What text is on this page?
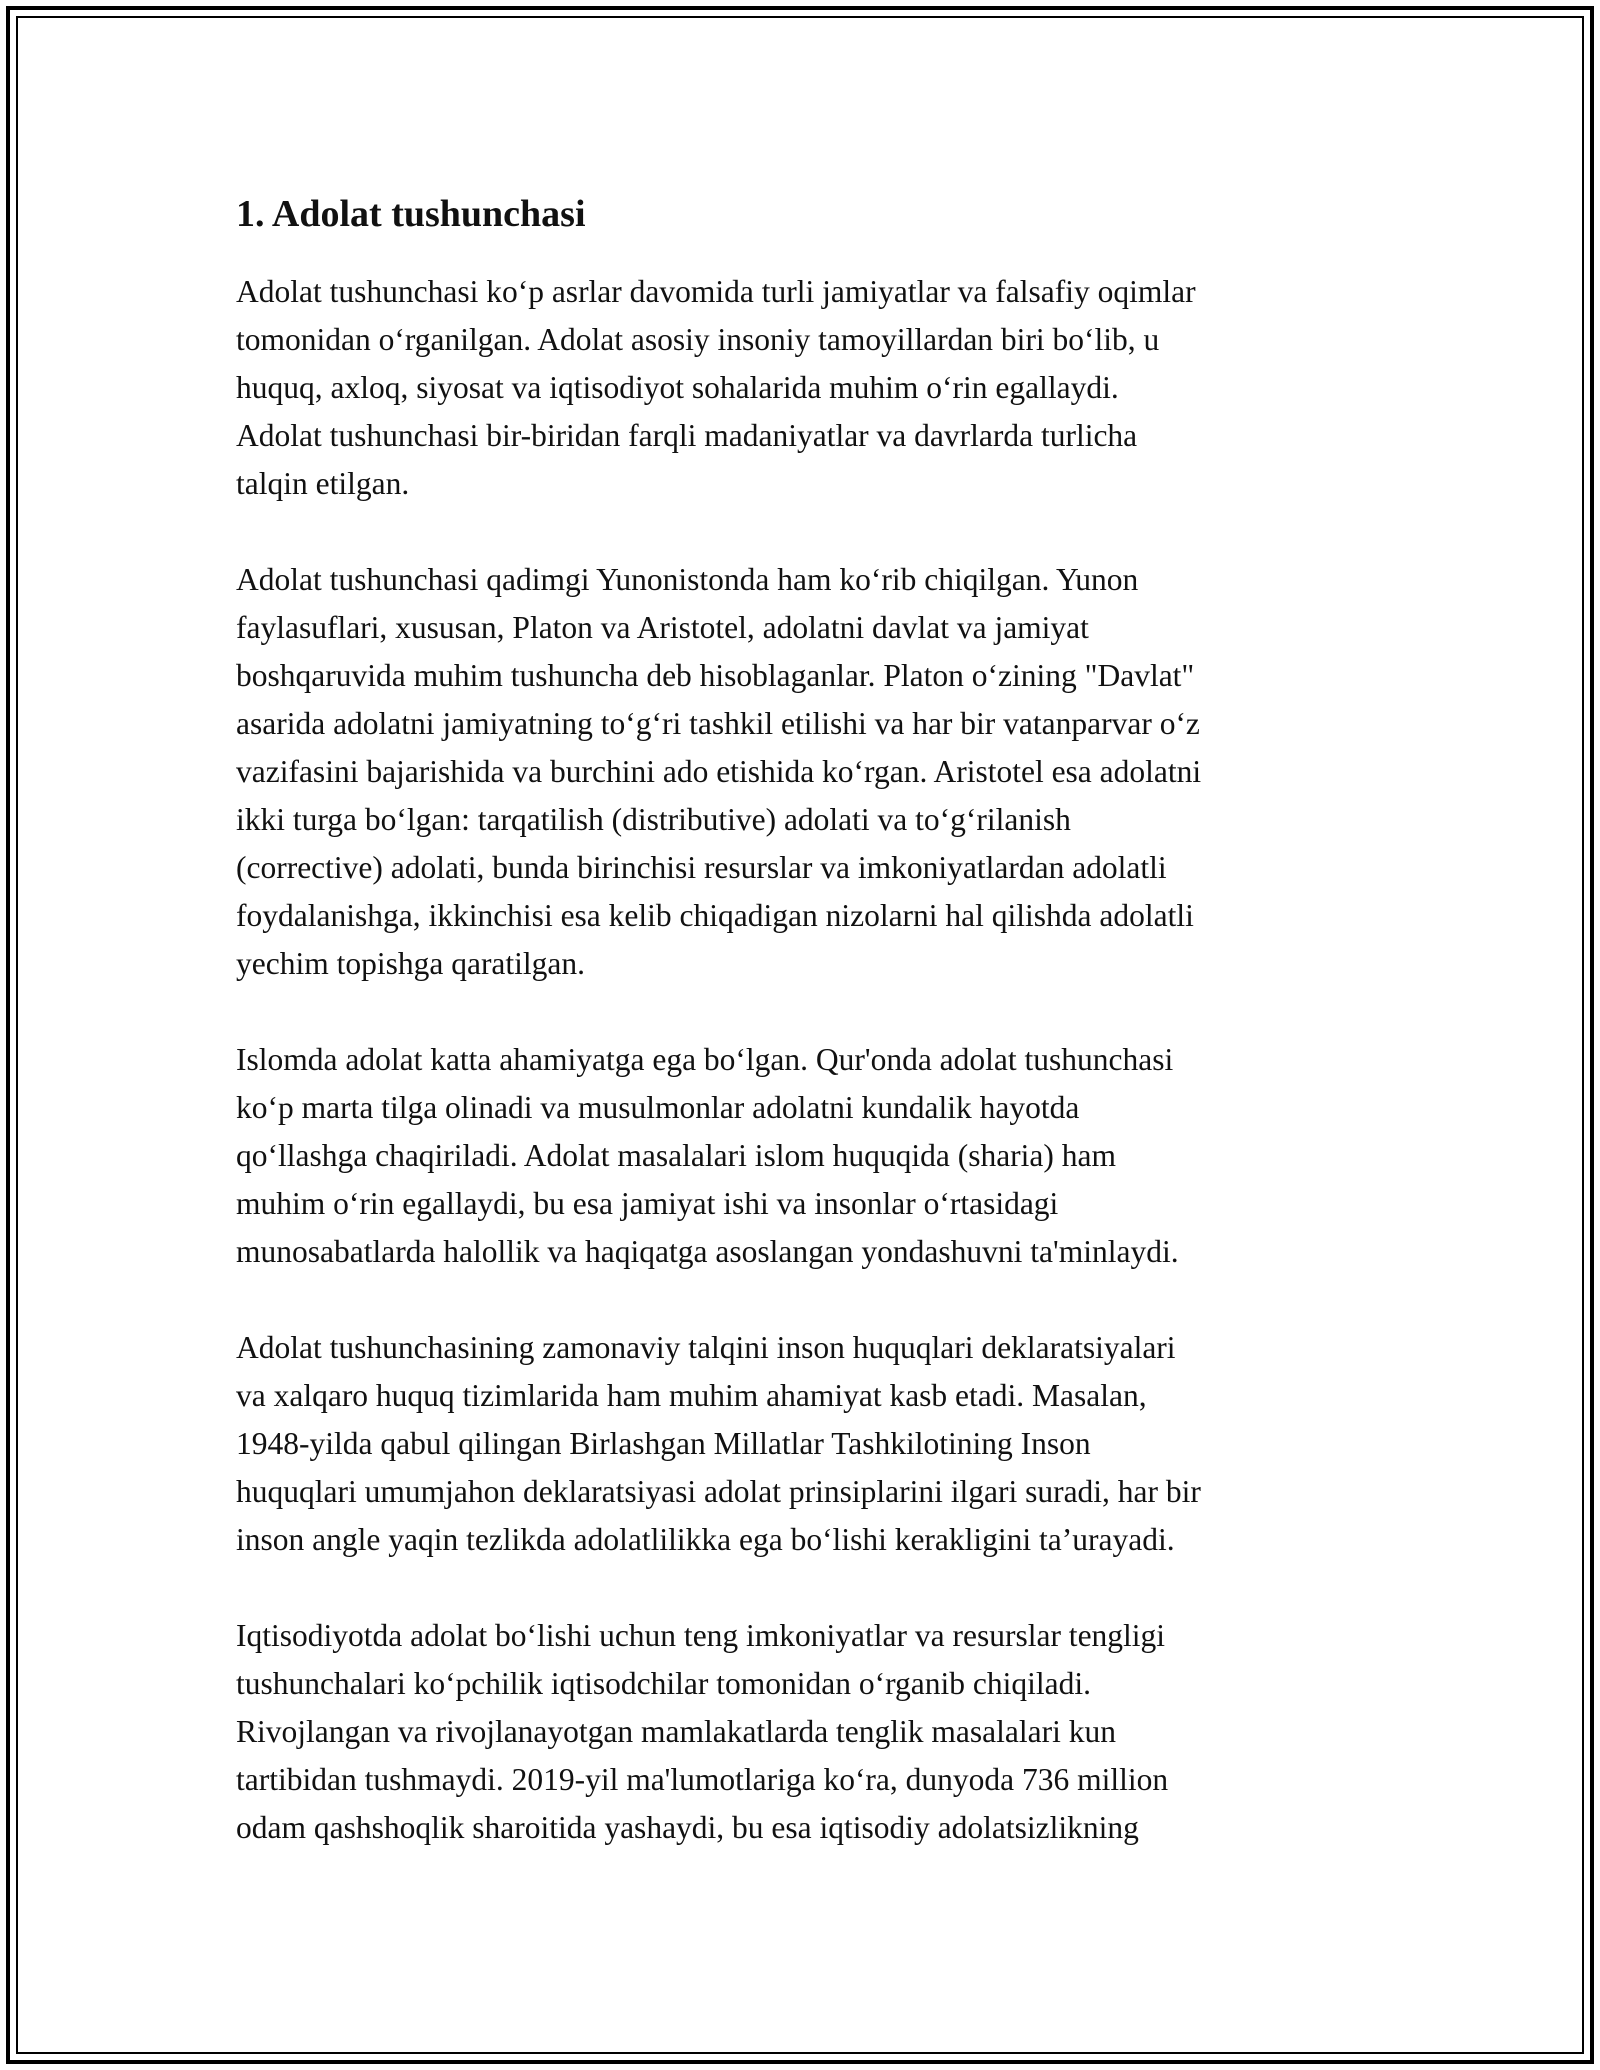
1. Adolat tushunchasi

Adolat tushunchasi ko‘p asrlar davomida turli jamiyatlar va falsafiy oqimlar
tomonidan o‘rganilgan. Adolat asosiy insoniy tamoyillardan biri bo‘lib, u
huquq, axloq, siyosat va iqtisodiyot sohalarida muhim o‘rin egallaydi.
Adolat tushunchasi bir-biridan farqli madaniyatlar va davrlarda turlicha
talqin etilgan.

Adolat tushunchasi qadimgi Yunonistonda ham ko‘rib chiqilgan. Yunon
faylasuflari, xususan, Platon va Aristotel, adolatni davlat va jamiyat
boshqaruvida muhim tushuncha deb hisoblaganlar. Platon o‘zining "Davlat"
asarida adolatni jamiyatning to‘g‘ri tashkil etilishi va har bir vatanparvar o‘z
vazifasini bajarishida va burchini ado etishida ko‘rgan. Aristotel esa adolatni
ikki turga bo‘lgan: tarqatilish (distributive) adolati va to‘g‘rilanish
(corrective) adolati, bunda birinchisi resurslar va imkoniyatlardan adolatli
foydalanishga, ikkinchisi esa kelib chiqadigan nizolarni hal qilishda adolatli
yechim topishga qaratilgan.

Islomda adolat katta ahamiyatga ega bo‘lgan. Qur'onda adolat tushunchasi
ko‘p marta tilga olinadi va musulmonlar adolatni kundalik hayotda
qo‘llashga chaqiriladi. Adolat masalalari islom huquqida (sharia) ham
muhim o‘rin egallaydi, bu esa jamiyat ishi va insonlar o‘rtasidagi
munosabatlarda halollik va haqiqatga asoslangan yondashuvni ta'minlaydi.

Adolat tushunchasining zamonaviy talqini inson huquqlari deklaratsiyalari
va xalqaro huquq tizimlarida ham muhim ahamiyat kasb etadi. Masalan,
1948-yilda qabul qilingan Birlashgan Millatlar Tashkilotining Inson
huquqlari umumjahon deklaratsiyasi adolat prinsiplarini ilgari suradi, har bir
inson angle yaqin tezlikda adolatlilikka ega bo‘lishi kerakligini ta’urayadi.

Iqtisodiyotda adolat bo‘lishi uchun teng imkoniyatlar va resurslar tengligi
tushunchalari ko‘pchilik iqtisodchilar tomonidan o‘rganib chiqiladi.
Rivojlangan va rivojlanayotgan mamlakatlarda tenglik masalalari kun
tartibidan tushmaydi. 2019-yil ma'lumotlariga ko‘ra, dunyoda 736 million
odam qashshoqlik sharoitida yashaydi, bu esa iqtisodiy adolatsizlikning
